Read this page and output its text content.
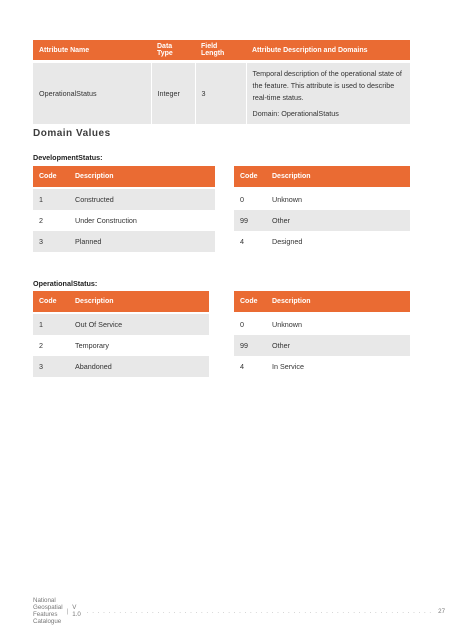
Attribute Name	Data Type	Field Length	Attribute Description and Domains

OperationalStatus	Integer	3	Temporal description of the operational state of the feature. This attribute is used to describe real-time status.
Domain: OperationalStatus
Domain Values
DevelopmentStatus:
Code	Description

1	Constructed
2	Under Construction
3	Planned
Code	Description

0	Unknown
99	Other
4	Designed
OperationalStatus:
Code	Description

1	Out Of Service
2	Temporary
3	Abandoned
Code	Description

0	Unknown
99	Other
4	In Service
National Geospatial Features Catalogue
| V 1.0 . . . . . . . . . . . . . . . . . . . . . . . . . . . . . . . . . . . . . . . . . . . . . . . . . . . . . . . . . . . . . . . . 27
